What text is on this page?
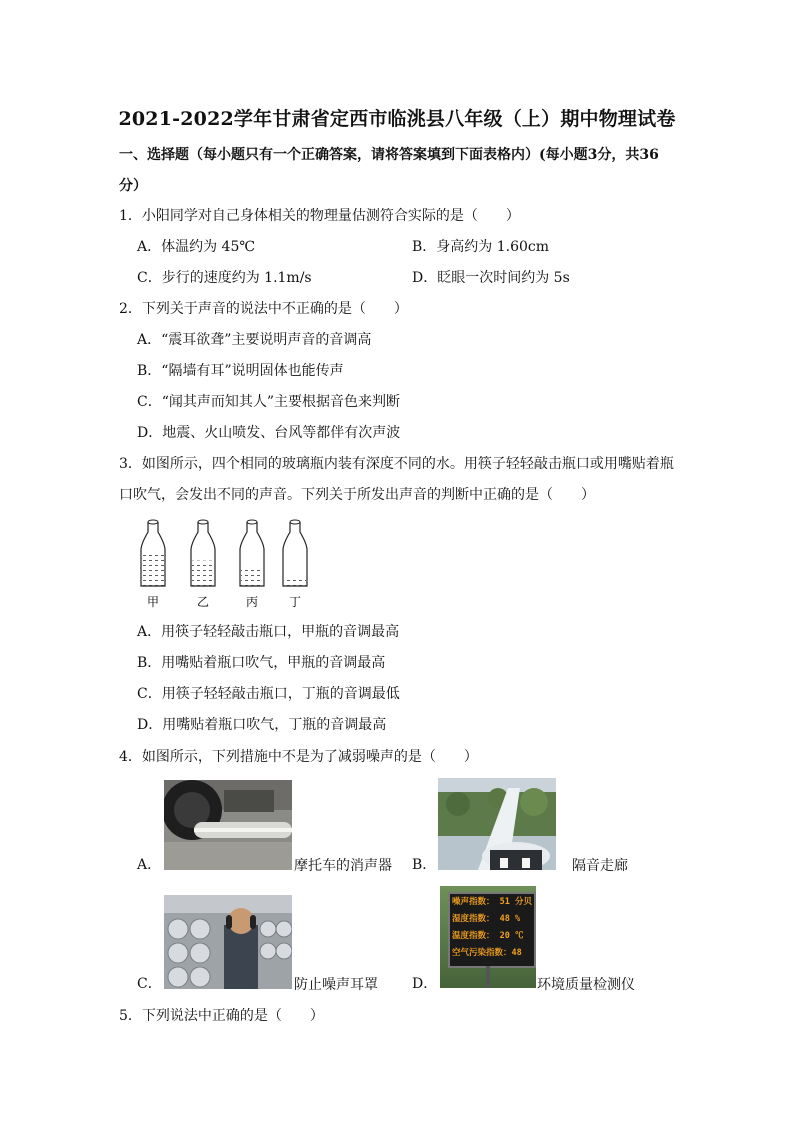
2021-2022学年甘肃省定西市临洮县八年级（上）期中物理试卷
一、选择题（每小题只有一个正确答案，请将答案填到下面表格内）(每小题3分，共36分）
1．小阳同学对自己身体相关的物理量估测符合实际的是（　　）
A．体温约为 45℃	B．身高约为 1.60cm
C．步行的速度约为 1.1m/s	D．眨眼一次时间约为 5s
2．下列关于声音的说法中不正确的是（　　）
A．“震耳欲聋”主要说明声音的音调高
B．“隔墙有耳”说明固体也能传声
C．“闻其声而知其人”主要根据音色来判断
D．地震、火山喷发、台风等都伴有次声波
3．如图所示，四个相同的玻璃瓶内装有深度不同的水。用筷子轻轻敲击瓶口或用嘴贴着瓶口吹气，会发出不同的声音。下列关于所发出声音的判断中正确的是（　　）
甲	乙	丙	丁
A．用筷子轻轻敲击瓶口，甲瓶的音调最高
B．用嘴贴着瓶口吹气，甲瓶的音调最高
C．用筷子轻轻敲击瓶口，丁瓶的音调最低
D．用嘴贴着瓶口吹气，丁瓶的音调最高
4．如图所示，下列措施中不是为了减弱噪声的是（　　）
A．	摩托车的消声器 B．	隔音走廊
C．	防止噪声耳罩 D．
噪声指数： 51 分贝
湿度指数： 48 %
温度指数： 20 ℃
空气污染指数：48
环境质量检测仪
5．下列说法中正确的是（　　）
